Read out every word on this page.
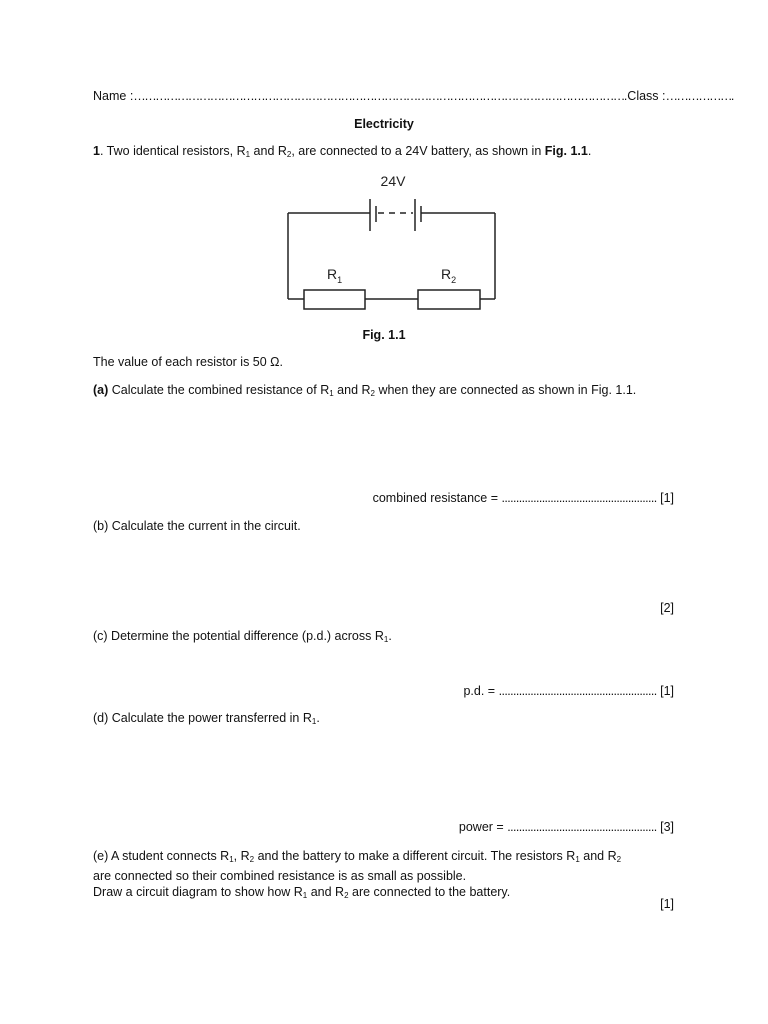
Name :……………………………………………………………………………………………………………………….Class :……………….
Electricity
1. Two identical resistors, $R_1$ and $R_2$, are connected to a 24V battery, as shown in Fig. 1.1.
24V
$R_1$	$R_2$
Fig. 1.1
The value of each resistor is 50 Ω.
(a) Calculate the combined resistance of $R_1$ and $R_2$ when they are connected as shown in Fig. 1.1.
combined resistance = ...................................................... [1]
(b) Calculate the current in the circuit.
[2]
(c) Determine the potential difference (p.d.) across $R_1$.
p.d. = ....................................................... [1]
(d) Calculate the power transferred in $R_1$.
power = .................................................... [3]
(e) A student connects $R_1$, $R_2$ and the battery to make a different circuit. The resistors $R_1$ and $R_2$
are connected so their combined resistance is as small as possible.
Draw a circuit diagram to show how $R_1$ and $R_2$ are connected to the battery.
[1]
